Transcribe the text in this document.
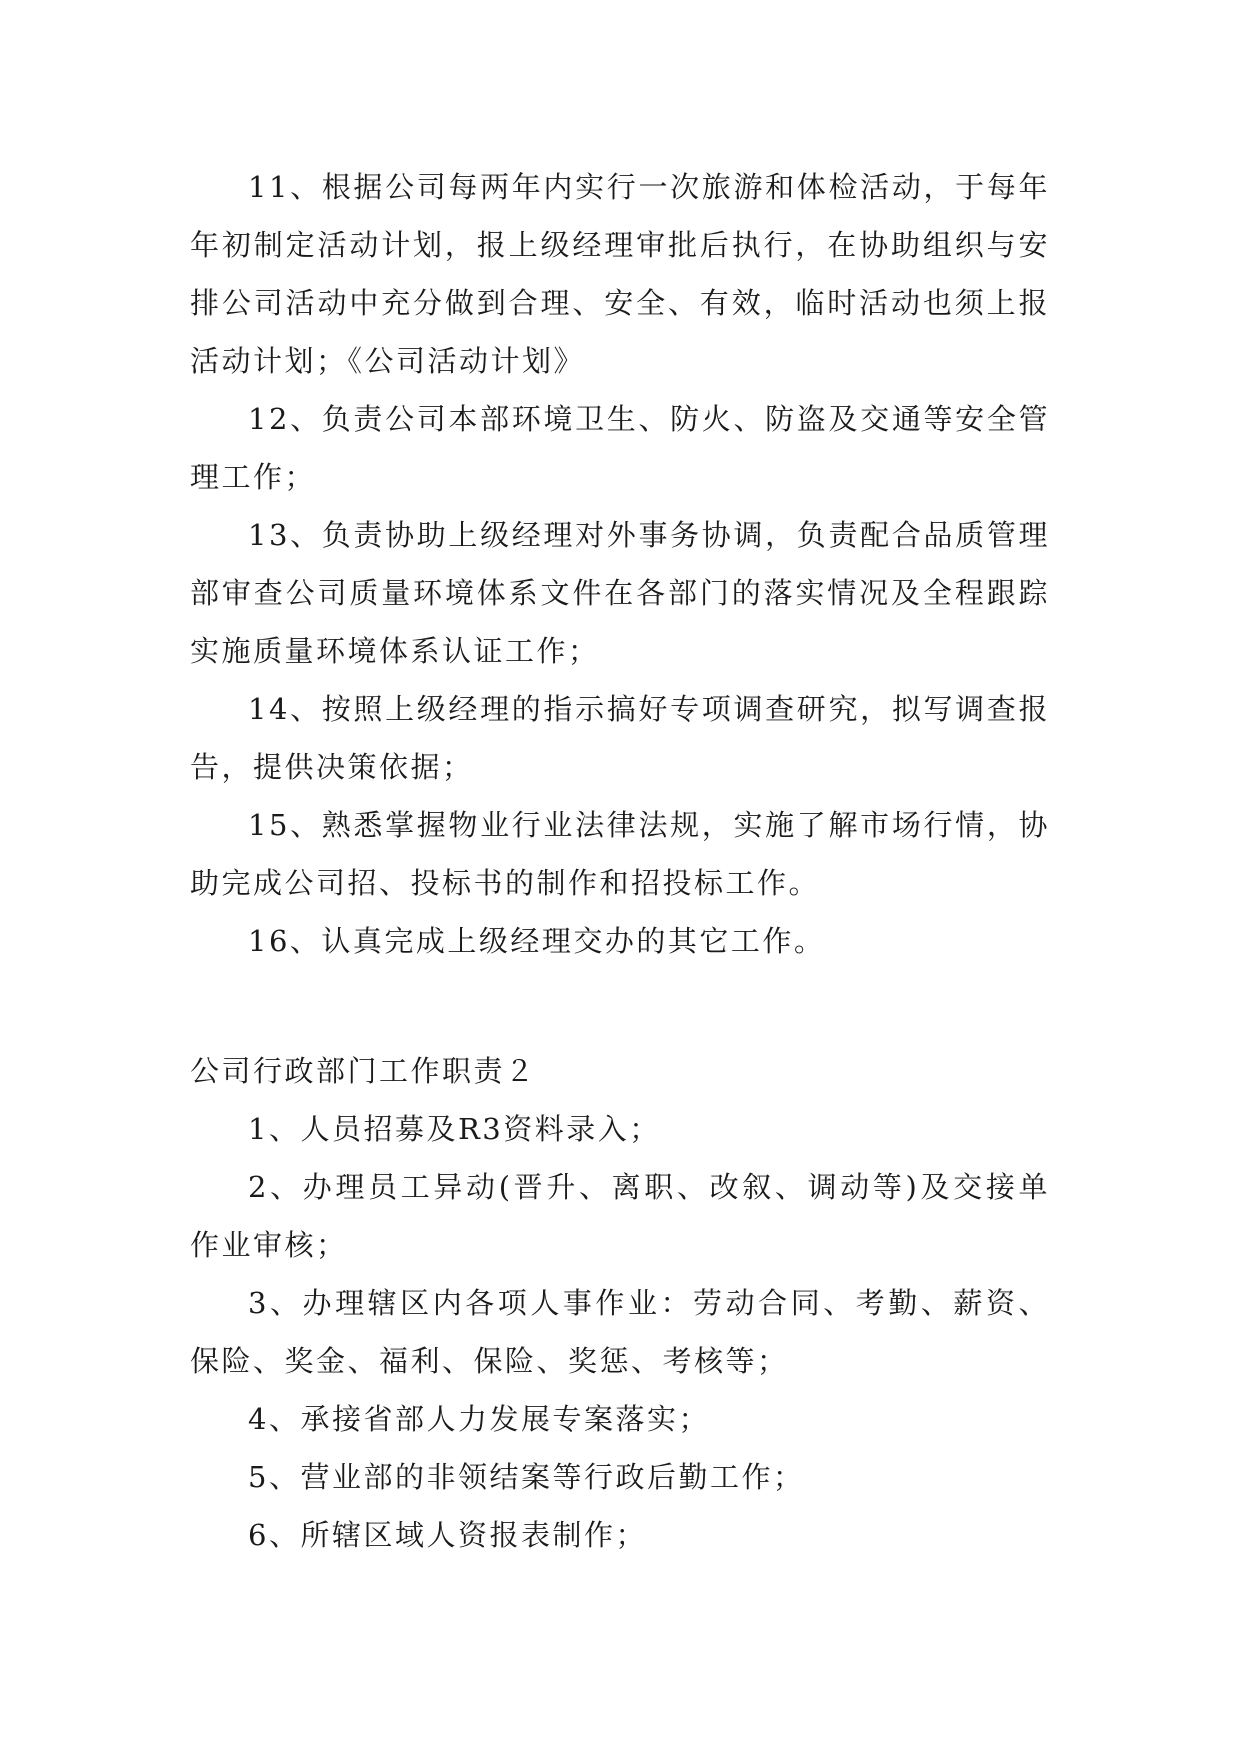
11、根据公司每两年内实行一次旅游和体检活动，于每年年初制定活动计划，报上级经理审批后执行，在协助组织与安排公司活动中充分做到合理、安全、有效，临时活动也须上报活动计划；《公司活动计划》

12、负责公司本部环境卫生、防火、防盗及交通等安全管理工作；

13、负责协助上级经理对外事务协调，负责配合品质管理部审查公司质量环境体系文件在各部门的落实情况及全程跟踪实施质量环境体系认证工作；

14、按照上级经理的指示搞好专项调查研究，拟写调查报告，提供决策依据；

15、熟悉掌握物业行业法律法规，实施了解市场行情，协助完成公司招、投标书的制作和招投标工作。

16、认真完成上级经理交办的其它工作。

公司行政部门工作职责２

1、人员招募及R3资料录入；

2、办理员工异动(晋升、离职、改叙、调动等)及交接单作业审核；

3、办理辖区内各项人事作业：劳动合同、考勤、薪资、保险、奖金、福利、保险、奖惩、考核等；

4、承接省部人力发展专案落实；

5、营业部的非领结案等行政后勤工作；

6、所辖区域人资报表制作；
